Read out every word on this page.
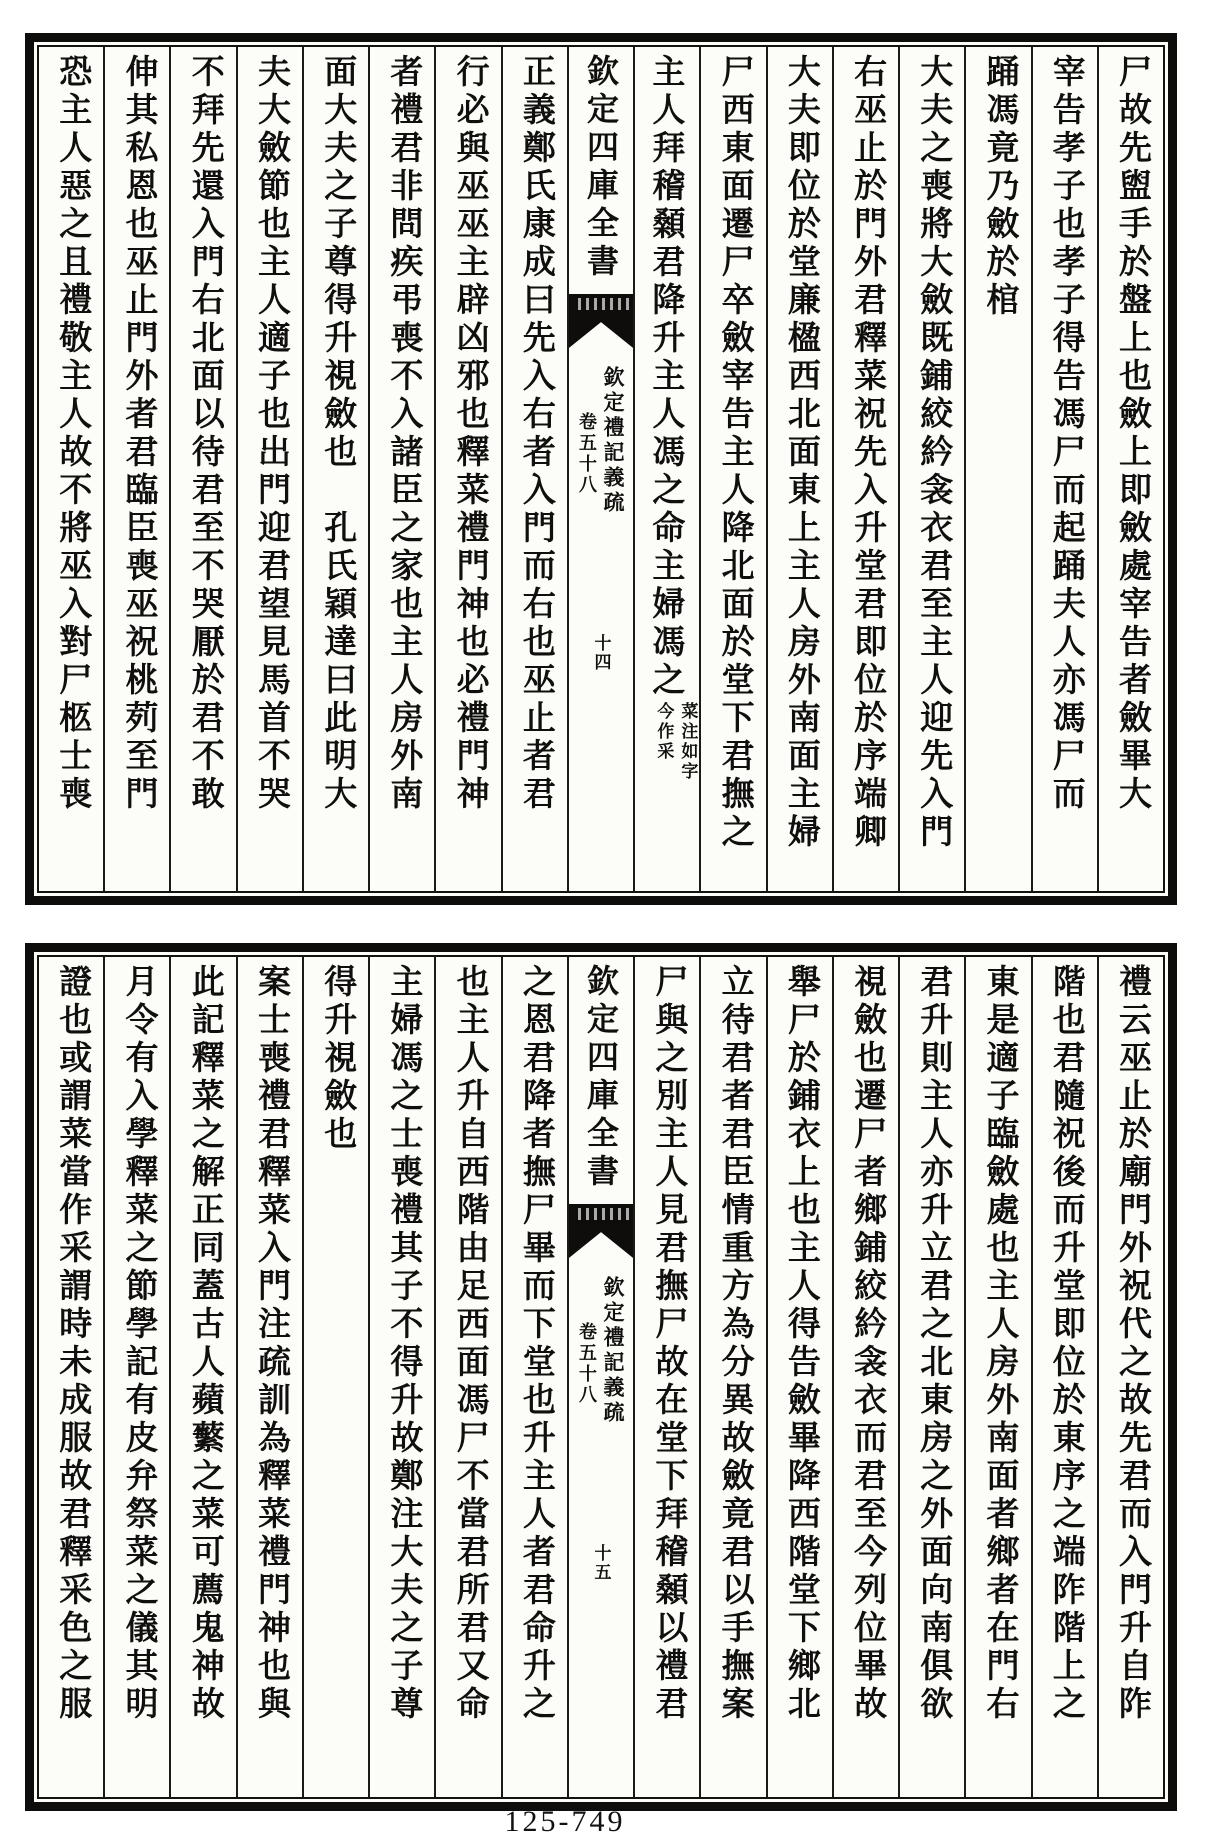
尸故先盥手於盤上也斂上即斂處宰告者斂畢大
宰告孝子也孝子得告馮尸而起踊夫人亦馮尸而
踊馮竟乃斂於棺
大夫之喪將大斂既鋪絞紟衾衣君至主人迎先入門
右巫止於門外君釋菜祝先入升堂君即位於序端卿
大夫即位於堂廉楹西北面東上主人房外南面主婦
尸西東面遷尸卒斂宰告主人降北面於堂下君撫之
主人拜稽顙君降升主人馮之命主婦馮之
菜注如字
今作采
欽定四庫全書
欽定禮記義疏
卷五十八
十四
正義鄭氏康成曰先入右者入門而右也巫止者君
行必與巫巫主辟凶邪也釋菜禮門神也必禮門神
者禮君非問疾弔喪不入諸臣之家也主人房外南
面大夫之子尊得升視斂也　孔氏穎達曰此明大
夫大斂節也主人適子也出門迎君望見馬首不哭
不拜先還入門右北面以待君至不哭厭於君不敢
伸其私恩也巫止門外者君臨臣喪巫祝桃茢至門
恐主人惡之且禮敬主人故不將巫入對尸柩士喪
禮云巫止於廟門外祝代之故先君而入門升自阼
階也君隨祝後而升堂即位於東序之端阼階上之
東是適子臨斂處也主人房外南面者鄉者在門右
君升則主人亦升立君之北東房之外面向南俱欲
視斂也遷尸者鄉鋪絞紟衾衣而君至今列位畢故
舉尸於鋪衣上也主人得告斂畢降西階堂下鄉北
立待君者君臣情重方為分異故斂竟君以手撫案
尸與之別主人見君撫尸故在堂下拜稽顙以禮君
欽定四庫全書
欽定禮記義疏
卷五十八
十五
之恩君降者撫尸畢而下堂也升主人者君命升之
也主人升自西階由足西面馮尸不當君所君又命
主婦馮之士喪禮其子不得升故鄭注大夫之子尊
得升視斂也
案士喪禮君釋菜入門注疏訓為釋菜禮門神也與
此記釋菜之解正同蓋古人蘋蘩之菜可薦鬼神故
月令有入學釋菜之節學記有皮弁祭菜之儀其明
證也或謂菜當作采謂時未成服故君釋采色之服
125-749
